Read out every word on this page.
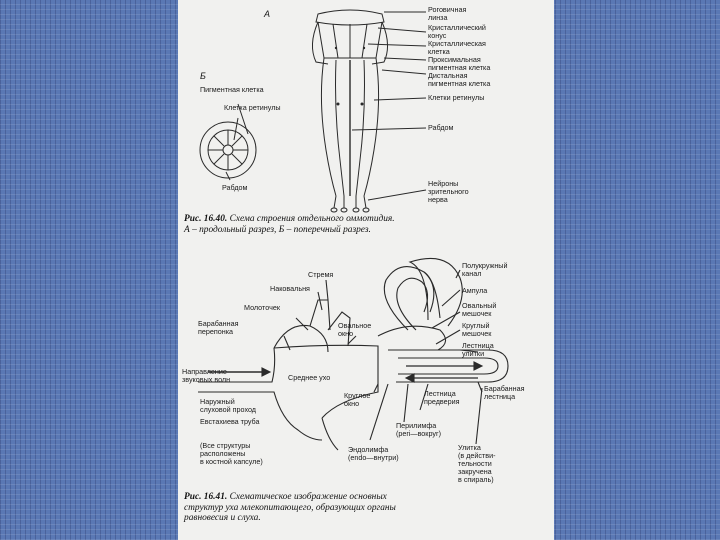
А
Б
Роговичная
линза
Кристаллический
конус
Кристаллическая
клетка
Проксимальная
пигментная клетка
Дистальная
пигментная клетка
Клетки ретинулы
Рабдом
Нейроны
зрительного
нерва
Пигментная клетка
Клетка ретинулы
Рабдом
Рис. 16.40. Схема строения отдельного оммотидия.
А – продольный разрез, Б – поперечный разрез.
Стремя
Наковальня
Молоточек
Барабанная
перепонка
Овальное
окно
Направление
звуковых волн	Среднее ухо
Круглое
окно
Наружный
слуховой проход
Евстахиева труба
(Все структуры
расположены
в костной капсуле)
Эндолимфа
(endo—внутри)
Перилимфа
(peri—вокруг)
Полукружный
канал
Ампула
Овальный
мешочек
Круглый
мешочек
Лестница
улитки
Барабанная
лестница
Лестница
предверия
Улитка
(в действи-
тельности
закручена
в спираль)
Рис. 16.41. Схематическое изображение основных
структур уха млекопитающего, образующих органы
равновесия и слуха.
